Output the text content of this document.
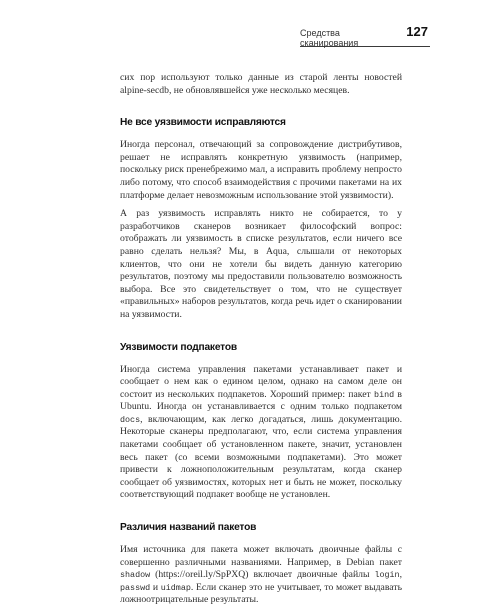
Средства сканирования
127

сих пор используют только данные из старой ленты новостей alpine-secdb, не обновлявшейся уже несколько месяцев.

Не все уязвимости исправляются

Иногда персонал, отвечающий за сопровождение дистрибутивов, решает не исправлять конкретную уязвимость (например, поскольку риск пренебрежимо мал, а исправить проблему непросто либо потому, что способ взаимодействия с прочими пакетами на их платформе делает невозможным использование этой уязвимости).

А раз уязвимость исправлять никто не собирается, то у разработчиков сканеров возникает философский вопрос: отображать ли уязвимость в списке результатов, если ничего все равно сделать нельзя? Мы, в Aqua, слышали от некоторых клиентов, что они не хотели бы видеть данную категорию результатов, поэтому мы предоставили пользователю возможность выбора. Все это свидетельствует о том, что не существует «правильных» наборов результатов, когда речь идет о сканировании на уязвимости.

Уязвимости подпакетов

Иногда система управления пакетами устанавливает пакет и сообщает о нем как о едином целом, однако на самом деле он состоит из нескольких подпакетов. Хороший пример: пакет bind в Ubuntu. Иногда он устанавливается с одним только подпакетом docs, включающим, как легко догадаться, лишь документацию. Некоторые сканеры предполагают, что, если система управления пакетами сообщает об установленном пакете, значит, установлен весь пакет (со всеми возможными подпакетами). Это может привести к ложноположительным результатам, когда сканер сообщает об уязвимостях, которых нет и быть не может, поскольку соответствующий подпакет вообще не установлен.

Различия названий пакетов

Имя источника для пакета может включать двоичные файлы с совершенно различными названиями. Например, в Debian пакет shadow (https://oreil.ly/SpPXQ) включает двоичные файлы login, passwd и uidmap. Если сканер это не учитывает, то может выдавать ложноотрицательные результаты.
